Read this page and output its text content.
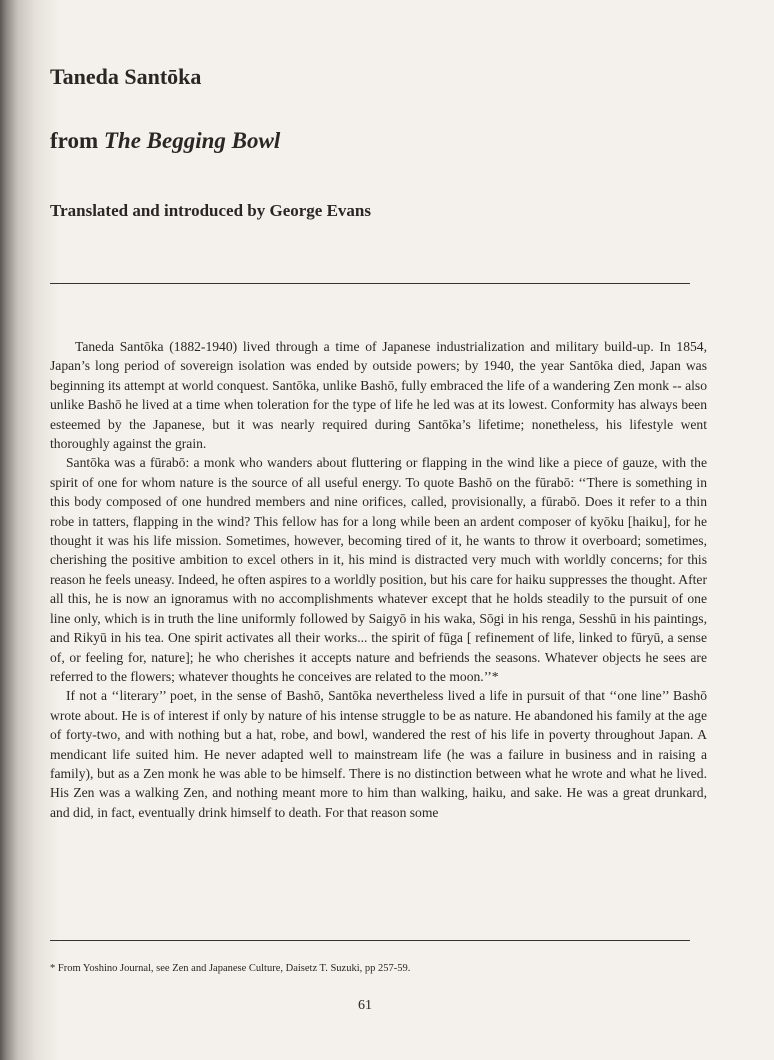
Taneda Santōka
from The Begging Bowl
Translated and introduced by George Evans

Taneda Santōka (1882-1940) lived through a time of Japanese industrialization and military build-up. In 1854, Japan’s long period of sovereign isolation was ended by outside powers; by 1940, the year Santōka died, Japan was beginning its attempt at world conquest. Santōka, unlike Bashō, fully embraced the life of a wandering Zen monk -- also unlike Bashō he lived at a time when toleration for the type of life he led was at its lowest. Conformity has always been esteemed by the Japanese, but it was nearly required during Santōka’s lifetime; nonetheless, his lifestyle went thoroughly against the grain.

Santōka was a fūrabō: a monk who wanders about fluttering or flapping in the wind like a piece of gauze, with the spirit of one for whom nature is the source of all useful energy. To quote Bashō on the fūrabō: ‘‘There is something in this body composed of one hundred members and nine orifices, called, provisionally, a fūrabō. Does it refer to a thin robe in tatters, flapping in the wind? This fellow has for a long while been an ardent composer of kyōku [haiku], for he thought it was his life mission. Sometimes, however, becoming tired of it, he wants to throw it overboard; sometimes, cherishing the positive ambition to excel others in it, his mind is distracted very much with worldly concerns; for this reason he feels uneasy. Indeed, he often aspires to a worldly position, but his care for haiku suppresses the thought. After all this, he is now an ignoramus with no accomplishments whatever except that he holds steadily to the pursuit of one line only, which is in truth the line uniformly followed by Saigyō in his waka, Sōgi in his renga, Sesshū in his paintings, and Rikyū in his tea. One spirit activates all their works... the spirit of fūga [ refinement of life, linked to fūryū, a sense of, or feeling for, nature]; he who cherishes it accepts nature and befriends the seasons. Whatever objects he sees are referred to the flowers; whatever thoughts he conceives are related to the moon.’’*

If not a ‘‘literary’’ poet, in the sense of Bashō, Santōka nevertheless lived a life in pursuit of that ‘‘one line’’ Bashō wrote about. He is of interest if only by nature of his intense struggle to be as nature. He abandoned his family at the age of forty-two, and with nothing but a hat, robe, and bowl, wandered the rest of his life in poverty throughout Japan. A mendicant life suited him. He never adapted well to mainstream life (he was a failure in business and in raising a family), but as a Zen monk he was able to be himself. There is no distinction between what he wrote and what he lived. His Zen was a walking Zen, and nothing meant more to him than walking, haiku, and sake. He was a great drunkard, and did, in fact, eventually drink himself to death. For that reason some

* From Yoshino Journal, see Zen and Japanese Culture, Daisetz T. Suzuki, pp 257-59.

61
